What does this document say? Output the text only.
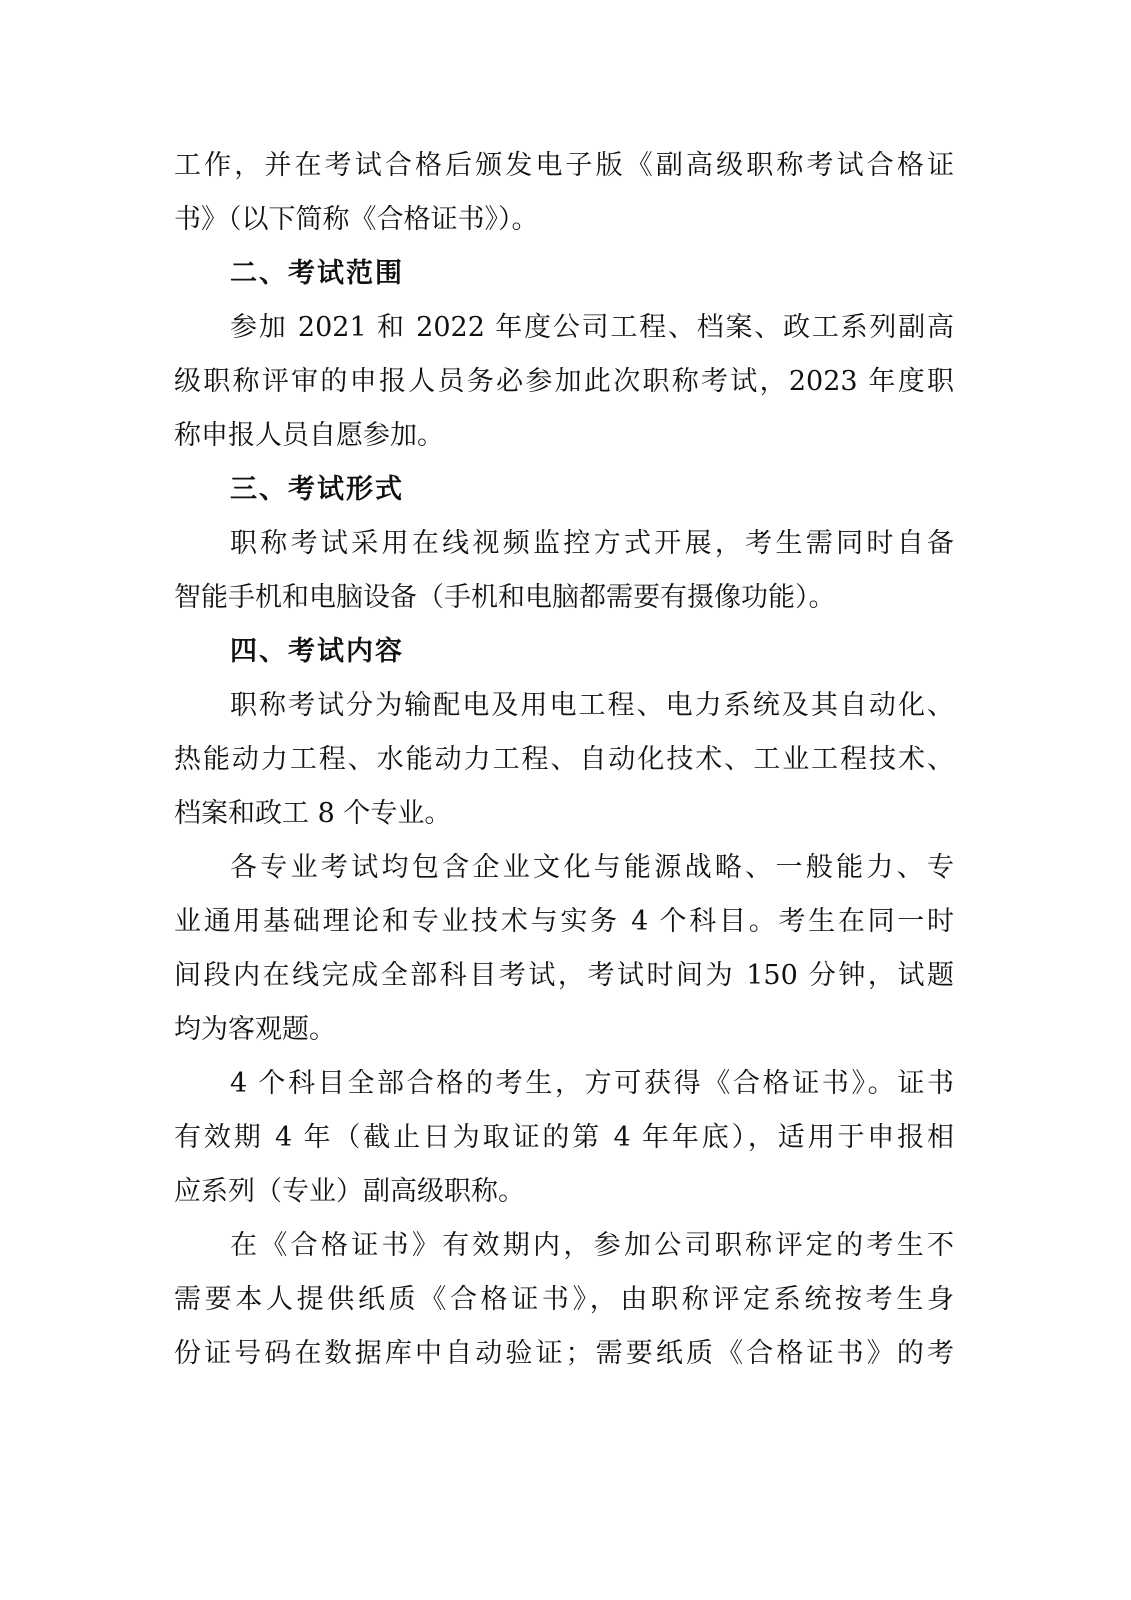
工作，并在考试合格后颁发电子版《副高级职称考试合格证
书》（以下简称《合格证书》）。
二、考试范围
参加 2021 和 2022 年度公司工程、档案、政工系列副高
级职称评审的申报人员务必参加此次职称考试，2023 年度职
称申报人员自愿参加。
三、考试形式
职称考试采用在线视频监控方式开展，考生需同时自备
智能手机和电脑设备（手机和电脑都需要有摄像功能）。
四、考试内容
职称考试分为输配电及用电工程、电力系统及其自动化、
热能动力工程、水能动力工程、自动化技术、工业工程技术、
档案和政工 8 个专业。
各专业考试均包含企业文化与能源战略、一般能力、专
业通用基础理论和专业技术与实务 4 个科目。考生在同一时
间段内在线完成全部科目考试，考试时间为 150 分钟，试题
均为客观题。
4 个科目全部合格的考生，方可获得《合格证书》。证书
有效期 4 年（截止日为取证的第 4 年年底），适用于申报相
应系列（专业）副高级职称。
在《合格证书》有效期内，参加公司职称评定的考生不
需要本人提供纸质《合格证书》，由职称评定系统按考生身
份证号码在数据库中自动验证；需要纸质《合格证书》的考
